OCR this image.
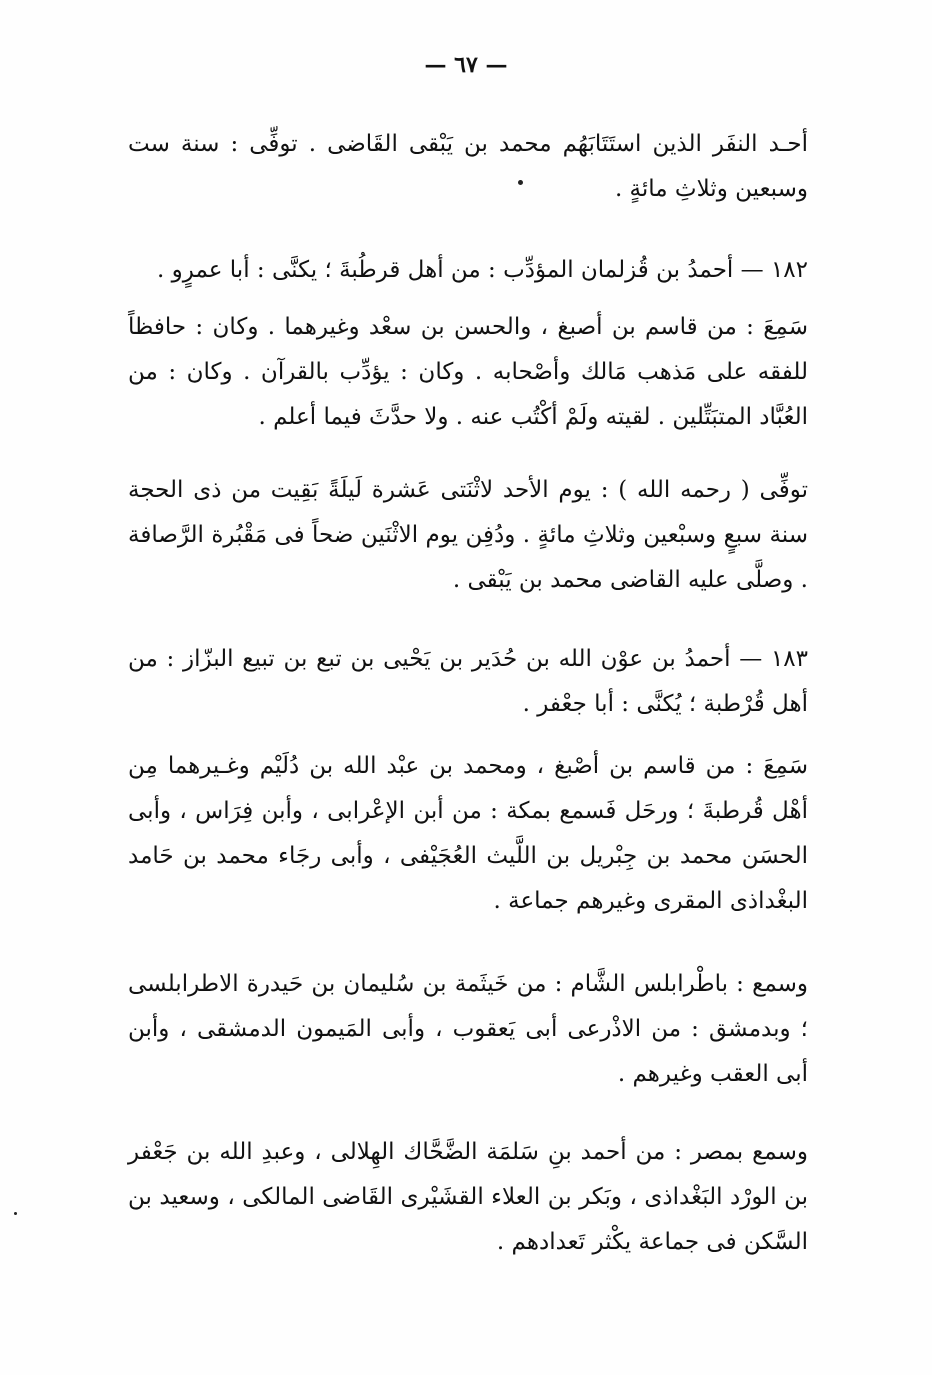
— ٦٧ —

أحـد النفَر الذين استَتَابَهُم محمد بن يَبْقى القَاضى . توفِّى : سنة ست وسبعين وثلاثِ مائةٍ .

١٨٢ — أحمدُ بن قُزلمان المؤدِّب : من أهل قرطُبةَ ؛ يكنَّى : أبا عمرٍو .

سَمِعَ : من قاسم بن أصبغ ، والحسن بن سعْد وغيرهما . وكان : حافظاً للفقه على مَذهب مَالك وأصْحابه . وكان : يؤدِّب بالقرآن . وكان : من العُبَّاد المتبَتِّلين . لقيته ولَمْ أكْتُب عنه . ولا حدَّثَ فيما أعلم .

توفِّى ( رحمه الله ) : يوم الأحد لاثْنَتى عَشرة لَيلَةً بَقِيت من ذى الحجة سنة سبعٍ وسبْعين وثلاثِ مائةٍ . ودُفِن يوم الاثْنَين ضحاً فى مَقْبُرة الرَّصافة . وصلَّى عليه القاضى محمد بن يَبْقى .

١٨٣ — أحمدُ بن عوْن الله بن حُدَير بن يَحْيى بن تبع بن تبيع البزّاز : من أهل قُرْطبة ؛ يُكنَّى : أبا جعْفر .

سَمِعَ : من قاسم بن أصْبغ ، ومحمد بن عبْد الله بن دُلَيْم وغـيرهما مِن أهْل قُرطبةَ ؛ ورحَل فَسمع بمكة : من أبن الإعْرابى ، وأبن فِرَاس ، وأبى الحسَن محمد بن جِبْريل بن اللَّيث العُجَيْفى ، وأبى رجَاء محمد بن حَامد البغْداذى المقرى وغيرهم جماعة .

وسمع : باطْرابلس الشَّام : من خَيثَمة بن سُليمان بن حَيدرة الاطرابلسى ؛ وبدمشق : من الاذْرعى أبى يَعقوب ، وأبى المَيمون الدمشقى ، وأبن أبى العقب وغيرهم .

وسمع بمصر : من أحمد بنِ سَلمَة الضَّحَّاك الهِلالى ، وعبدِ الله بن جَعْفر بن الورْد البَغْداذى ، وبَكر بن العلاء القشَيْرى القَاضى المالكى ، وسعيد بن السَّكن فى جماعة يكْثر تَعدادهم .
